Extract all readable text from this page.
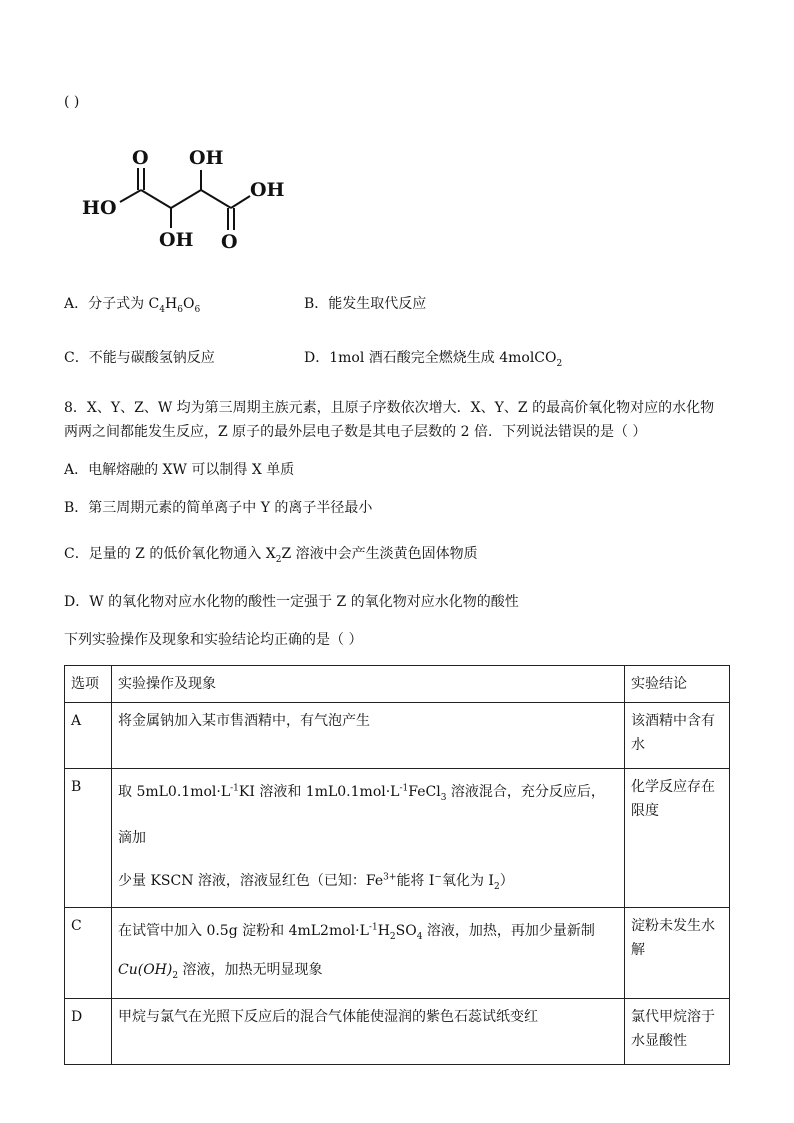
( )
O OH
HO
OH
OH O
A．分子式为 $C_4H_6O_6$	B．能发生取代反应
C．不能与碳酸氢钠反应	D．1mol 酒石酸完全燃烧生成 4molCO$_2$
8．X、Y、Z、W 均为第三周期主族元素，且原子序数依次增大．X、Y、Z 的最高价氧化物对应的水化物
两两之间都能发生反应，Z 原子的最外层电子数是其电子层数的 2 倍．下列说法错误的是（ ）
A．电解熔融的 XW 可以制得 X 单质
B．第三周期元素的简单离子中 Y 的离子半径最小
C．足量的 Z 的低价氧化物通入 $X_2Z$ 溶液中会产生淡黄色固体物质
D．W 的氧化物对应水化物的酸性一定强于 Z 的氧化物对应水化物的酸性
下列实验操作及现象和实验结论均正确的是（ ）
选项	实验操作及现象	实验结论
A	将金属钠加入某市售酒精中，有气泡产生	该酒精中含有水
B	取 $5mL0.1mol\cdot L^{-1}KI$ 溶液和 $1mL0.1mol\cdot L^{-1}FeCl_3$ 溶液混合，充分反应后，滴加
少量 KSCN 溶液，溶液显红色（已知：$Fe^{3+}$能将 I−氧化为 $I_2$）	化学反应存在限度
C	在试管中加入 0.5g 淀粉和 $4mL2mol\cdot L^{-1}H_2SO_4$ 溶液，加热，再加少量新制
$Cu(OH)_2$ 溶液，加热无明显现象	淀粉未发生水解
D	甲烷与氯气在光照下反应后的混合气体能使湿润的紫色石蕊试纸变红	氯代甲烷溶于水显酸性
